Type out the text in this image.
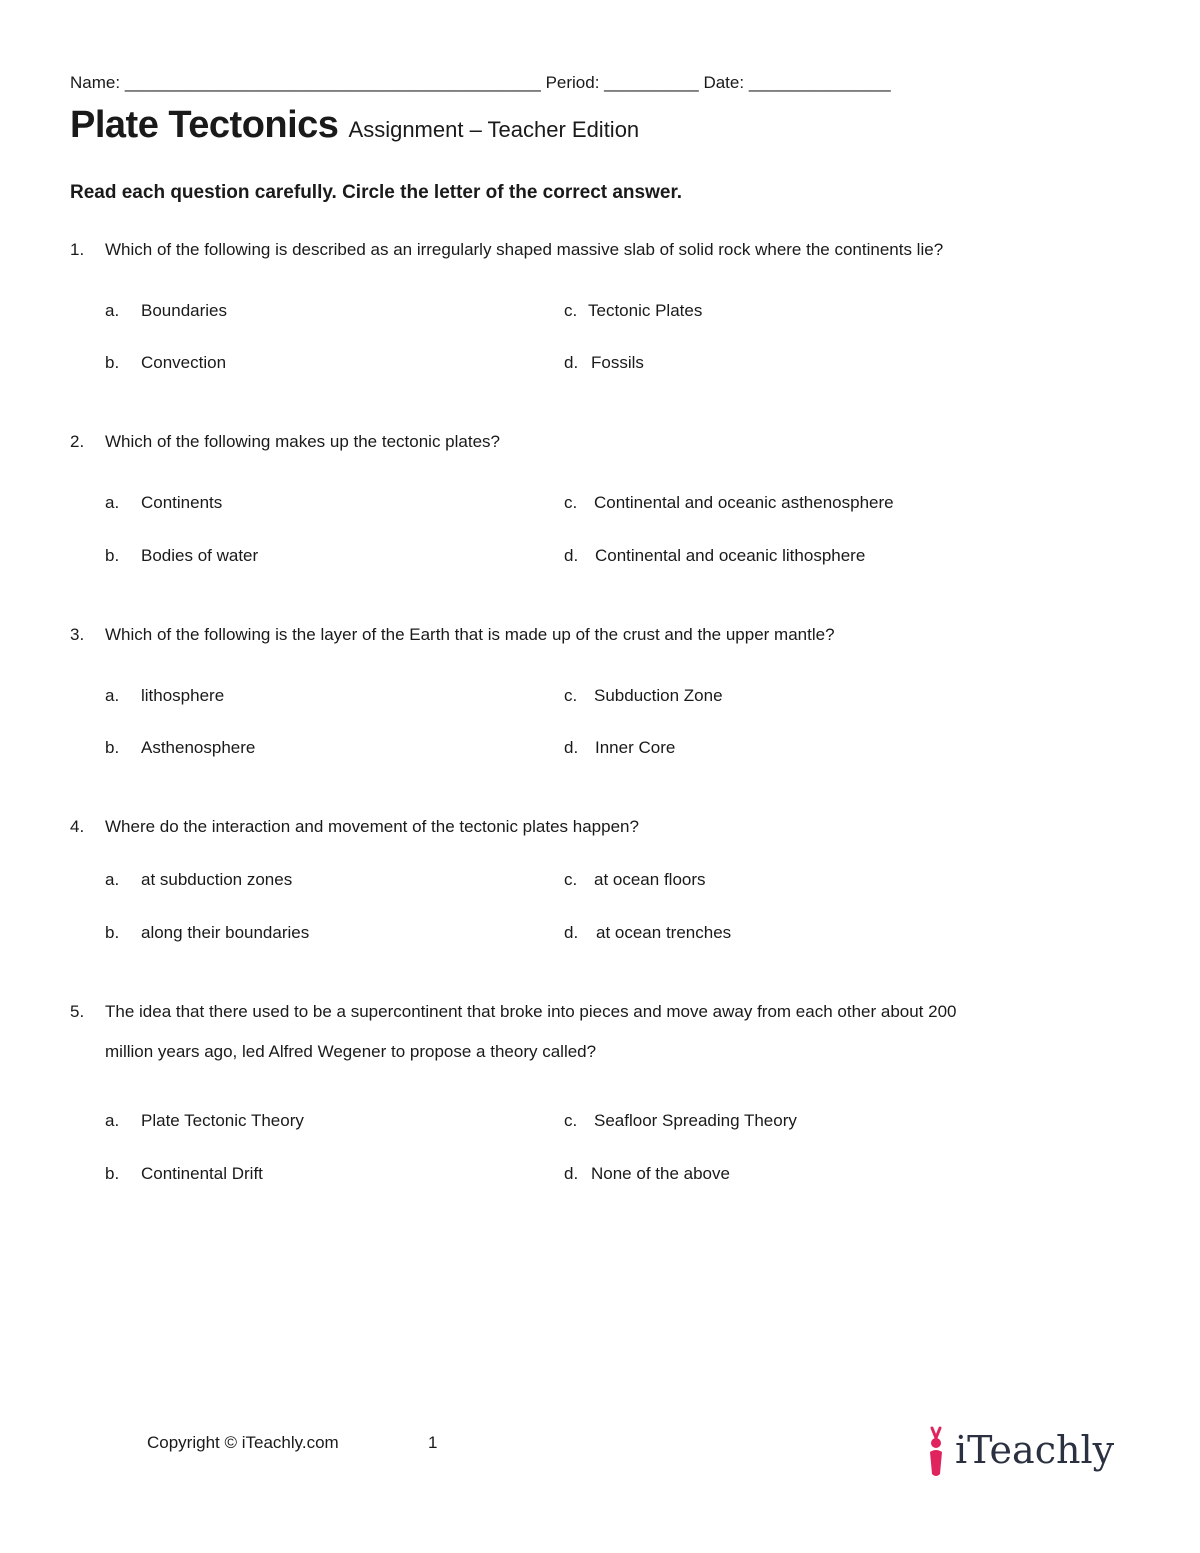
Name: ____________________________________________ Period: __________ Date: _______________
Plate Tectonics Assignment – Teacher Edition
Read each question carefully. Circle the letter of the correct answer.
1. Which of the following is described as an irregularly shaped massive slab of solid rock where the continents lie?
a. Boundaries
b. Convection
c. Tectonic Plates
d. Fossils
2. Which of the following makes up the tectonic plates?
a. Continents
b. Bodies of water
c. Continental and oceanic asthenosphere
d. Continental and oceanic lithosphere
3. Which of the following is the layer of the Earth that is made up of the crust and the upper mantle?
a. lithosphere
b. Asthenosphere
c. Subduction Zone
d. Inner Core
4. Where do the interaction and movement of the tectonic plates happen?
a. at subduction zones
b. along their boundaries
c. at ocean floors
d. at ocean trenches
5. The idea that there used to be a supercontinent that broke into pieces and move away from each other about 200
million years ago, led Alfred Wegener to propose a theory called?
a. Plate Tectonic Theory
b. Continental Drift
c. Seafloor Spreading Theory
d. None of the above
Copyright © iTeachly.com	1	iTeachly
